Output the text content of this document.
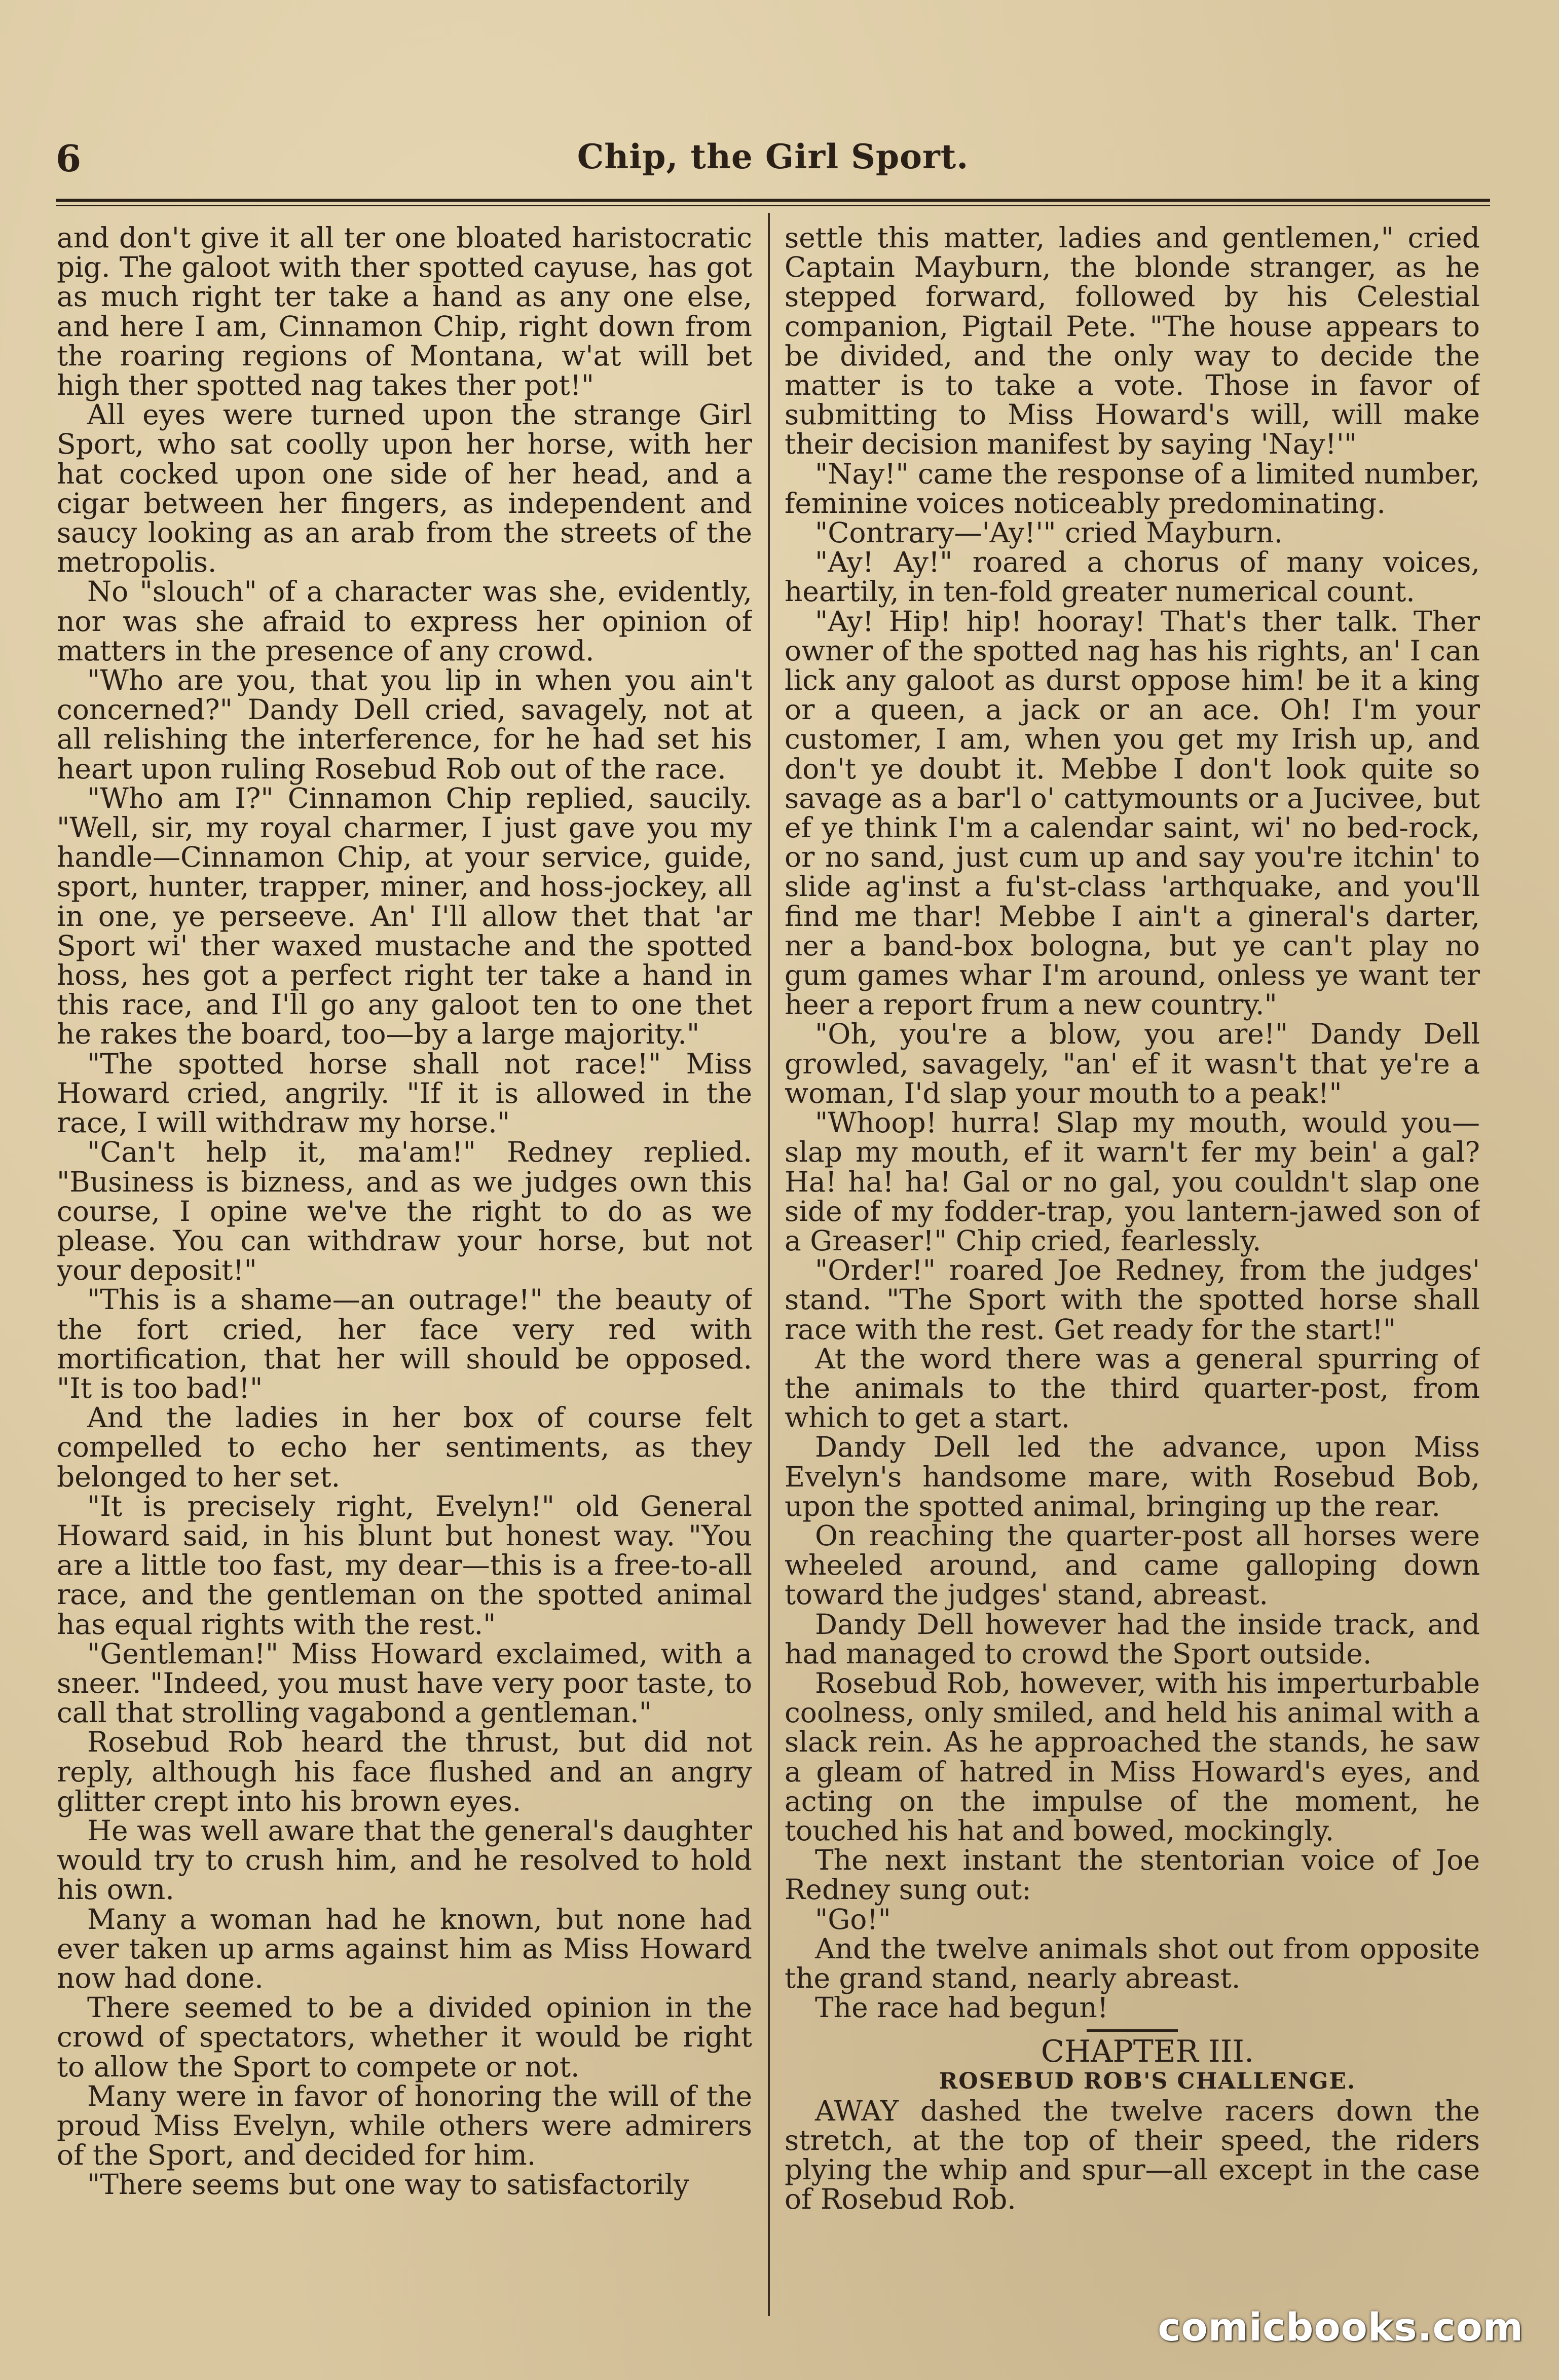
6	Chip, the Girl Sport.

and don't give it all ter one bloated haristocratic pig. The galoot with ther spotted cayuse, has got as much right ter take a hand as any one else, and here I am, Cinnamon Chip, right down from the roaring regions of Montana, w'at will bet high ther spotted nag takes ther pot!"

All eyes were turned upon the strange Girl Sport, who sat coolly upon her horse, with her hat cocked upon one side of her head, and a cigar between her fingers, as independent and saucy looking as an arab from the streets of the metropolis.

No "slouch" of a character was she, evidently, nor was she afraid to express her opinion of matters in the presence of any crowd.

"Who are you, that you lip in when you ain't concerned?" Dandy Dell cried, savagely, not at all relishing the interference, for he had set his heart upon ruling Rosebud Rob out of the race.

"Who am I?" Cinnamon Chip replied, saucily. "Well, sir, my royal charmer, I just gave you my handle—Cinnamon Chip, at your service, guide, sport, hunter, trapper, miner, and hoss-jockey, all in one, ye perseeve. An' I'll allow thet that 'ar Sport wi' ther waxed mustache and the spotted hoss, hes got a perfect right ter take a hand in this race, and I'll go any galoot ten to one thet he rakes the board, too—by a large majority."

"The spotted horse shall not race!" Miss Howard cried, angrily. "If it is allowed in the race, I will withdraw my horse."

"Can't help it, ma'am!" Redney replied. "Business is bizness, and as we judges own this course, I opine we've the right to do as we please. You can withdraw your horse, but not your deposit!"

"This is a shame—an outrage!" the beauty of the fort cried, her face very red with mortification, that her will should be opposed. "It is too bad!"

And the ladies in her box of course felt compelled to echo her sentiments, as they belonged to her set.

"It is precisely right, Evelyn!" old General Howard said, in his blunt but honest way. "You are a little too fast, my dear—this is a free-to-all race, and the gentleman on the spotted animal has equal rights with the rest."

"Gentleman!" Miss Howard exclaimed, with a sneer. "Indeed, you must have very poor taste, to call that strolling vagabond a gentleman."

Rosebud Rob heard the thrust, but did not reply, although his face flushed and an angry glitter crept into his brown eyes.

He was well aware that the general's daughter would try to crush him, and he resolved to hold his own.

Many a woman had he known, but none had ever taken up arms against him as Miss Howard now had done.

There seemed to be a divided opinion in the crowd of spectators, whether it would be right to allow the Sport to compete or not.

Many were in favor of honoring the will of the proud Miss Evelyn, while others were admirers of the Sport, and decided for him.

"There seems but one way to satisfactorily

settle this matter, ladies and gentlemen," cried Captain Mayburn, the blonde stranger, as he stepped forward, followed by his Celestial companion, Pigtail Pete. "The house appears to be divided, and the only way to decide the matter is to take a vote. Those in favor of submitting to Miss Howard's will, will make their decision manifest by saying 'Nay!'"

"Nay!" came the response of a limited number, feminine voices noticeably predominating.

"Contrary—'Ay!'" cried Mayburn.

"Ay! Ay!" roared a chorus of many voices, heartily, in ten-fold greater numerical count.

"Ay! Hip! hip! hooray! That's ther talk. Ther owner of the spotted nag has his rights, an' I can lick any galoot as durst oppose him! be it a king or a queen, a jack or an ace. Oh! I'm your customer, I am, when you get my Irish up, and don't ye doubt it. Mebbe I don't look quite so savage as a bar'l o' cattymounts or a Jucivee, but ef ye think I'm a calendar saint, wi' no bed-rock, or no sand, just cum up and say you're itchin' to slide ag'inst a fu'st-class 'arthquake, and you'll find me thar! Mebbe I ain't a gineral's darter, ner a band-box bologna, but ye can't play no gum games whar I'm around, onless ye want ter heer a report frum a new country."

"Oh, you're a blow, you are!" Dandy Dell growled, savagely, "an' ef it wasn't that ye're a woman, I'd slap your mouth to a peak!"

"Whoop! hurra! Slap my mouth, would you—slap my mouth, ef it warn't fer my bein' a gal? Ha! ha! ha! Gal or no gal, you couldn't slap one side of my fodder-trap, you lantern-jawed son of a Greaser!" Chip cried, fearlessly.

"Order!" roared Joe Redney, from the judges' stand. "The Sport with the spotted horse shall race with the rest. Get ready for the start!"

At the word there was a general spurring of the animals to the third quarter-post, from which to get a start.

Dandy Dell led the advance, upon Miss Evelyn's handsome mare, with Rosebud Bob, upon the spotted animal, bringing up the rear.

On reaching the quarter-post all horses were wheeled around, and came galloping down toward the judges' stand, abreast.

Dandy Dell however had the inside track, and had managed to crowd the Sport outside.

Rosebud Rob, however, with his imperturbable coolness, only smiled, and held his animal with a slack rein. As he approached the stands, he saw a gleam of hatred in Miss Howard's eyes, and acting on the impulse of the moment, he touched his hat and bowed, mockingly.

The next instant the stentorian voice of Joe Redney sung out:

"Go!"

And the twelve animals shot out from opposite the grand stand, nearly abreast.

The race had begun!

CHAPTER III.

ROSEBUD ROB'S CHALLENGE.

AWAY dashed the twelve racers down the stretch, at the top of their speed, the riders plying the whip and spur—all except in the case of Rosebud Rob.

comicbooks.com
